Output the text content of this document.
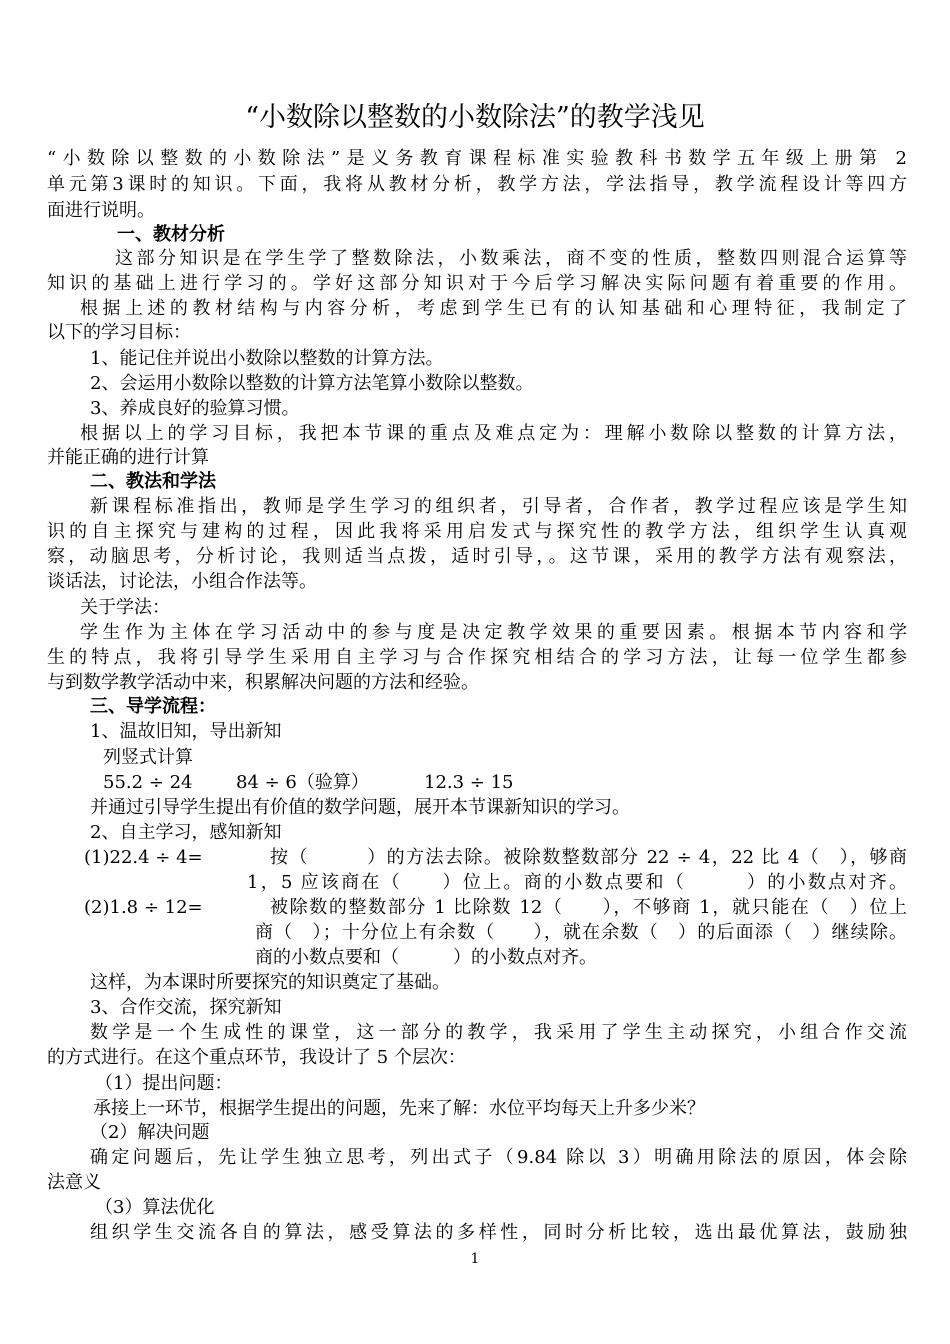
“小数除以整数的小数除法”的教学浅见
“小数除以整数的小数除法”是义务教育课程标准实验教科书数学五年级上册第 2
单元第3课时的知识。下面，我将从教材分析，教学方法，学法指导，教学流程设计等四方
面进行说明。
一、教材分析
这部分知识是在学生学了整数除法，小数乘法，商不变的性质，整数四则混合运算等
知识的基础上进行学习的。学好这部分知识对于今后学习解决实际问题有着重要的作用。
根据上述的教材结构与内容分析，考虑到学生已有的认知基础和心理特征，我制定了
以下的学习目标：
1、能记住并说出小数除以整数的计算方法。
2、会运用小数除以整数的计算方法笔算小数除以整数。
3、养成良好的验算习惯。
根据以上的学习目标，我把本节课的重点及难点定为：理解小数除以整数的计算方法，
并能正确的进行计算
二、教法和学法
新课程标准指出，教师是学生学习的组织者，引导者，合作者，教学过程应该是学生知
识的自主探究与建构的过程，因此我将采用启发式与探究性的教学方法，组织学生认真观
察，动脑思考，分析讨论，我则适当点拨，适时引导，。这节课，采用的教学方法有观察法，
谈话法，讨论法，小组合作法等。
关于学法：
学生作为主体在学习活动中的参与度是决定教学效果的重要因素。根据本节内容和学
生的特点，我将引导学生采用自主学习与合作探究相结合的学习方法，让每一位学生都参
与到数学教学活动中来，积累解决问题的方法和经验。
三、导学流程：
1、温故旧知，导出新知
列竖式计算
55.2 ÷ 24 84 ÷ 6（验算）	12.3 ÷ 15
并通过引导学生提出有价值的数学问题，展开本节课新知识的学习。
2、自主学习，感知新知
(1)22.4 ÷ 4=	按（　　　）的方法去除。被除数整数部分 22 ÷ 4，22 比 4（　），够商
1，5 应该商在（　　）位上。商的小数点要和（　　　）的小数点对齐。
(2)1.8 ÷ 12=	被除数的整数部分 1 比除数 12（　　），不够商 1，就只能在（　）位上
商（　）；十分位上有余数（　　），就在余数（　）的后面添（　）继续除。
商的小数点要和（　　　）的小数点对齐。
这样，为本课时所要探究的知识奠定了基础。
3、合作交流，探究新知
数学是一个生成性的课堂，这一部分的教学，我采用了学生主动探究，小组合作交流
的方式进行。在这个重点环节，我设计了 5 个层次：
（1）提出问题：
承接上一环节，根据学生提出的问题，先来了解：水位平均每天上升多少米？
（2）解决问题
确定问题后，先让学生独立思考，列出式子（9.84 除以 3）明确用除法的原因，体会除
法意义
（3）算法优化
组织学生交流各自的算法，感受算法的多样性，同时分析比较，选出最优算法，鼓励独
1
